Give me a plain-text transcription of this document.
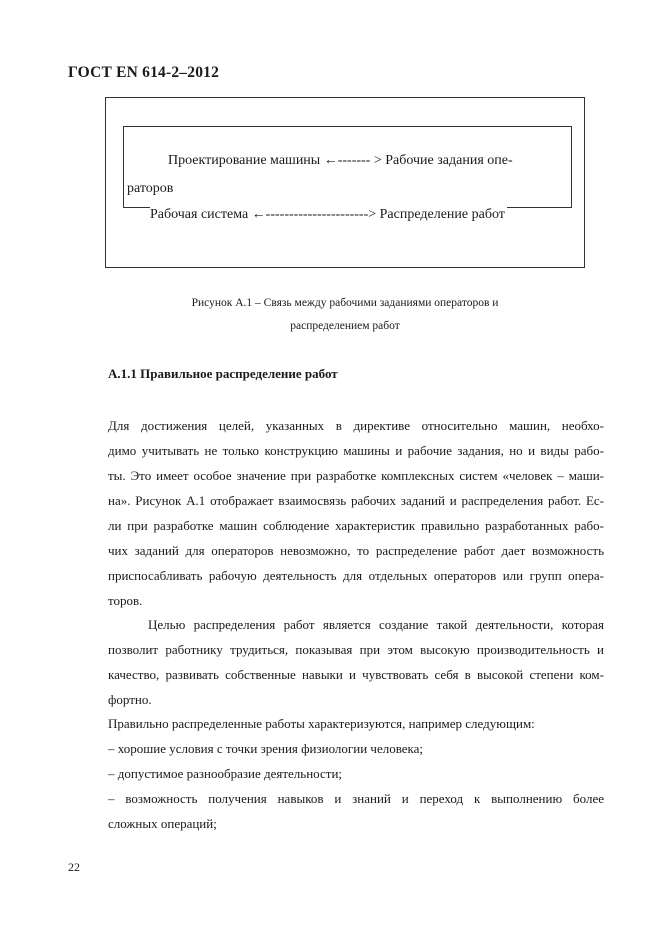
ГОСТ EN 614-2–2012
Проектирование машины ←------- > Рабочие задания опе-
раторов
Рабочая система ←----------------------> Распределение работ
Рисунок А.1 – Связь между рабочими заданиями операторов и
распределением работ
А.1.1 Правильное распределение работ
Для достижения целей, указанных в директиве относительно машин, необхо-
димо учитывать не только конструкцию машины и рабочие задания, но и виды рабо-
ты. Это имеет особое значение при разработке комплексных систем «человек – маши-
на». Рисунок А.1 отображает взаимосвязь рабочих заданий и распределения работ. Ес-
ли при разработке машин соблюдение характеристик правильно разработанных рабо-
чих заданий для операторов невозможно, то распределение работ дает возможность
приспосабливать рабочую деятельность для отдельных операторов или групп опера-
торов.
Целью распределения работ является создание такой деятельности, которая
позволит работнику трудиться, показывая при этом высокую производительность и
качество, развивать собственные навыки и чувствовать себя в высокой степени ком-
фортно.
Правильно распределенные работы характеризуются, например следующим:
– хорошие условия с точки зрения физиологии человека;
– допустимое разнообразие деятельности;
– возможность получения навыков и знаний и переход к выполнению более
сложных операций;
22
